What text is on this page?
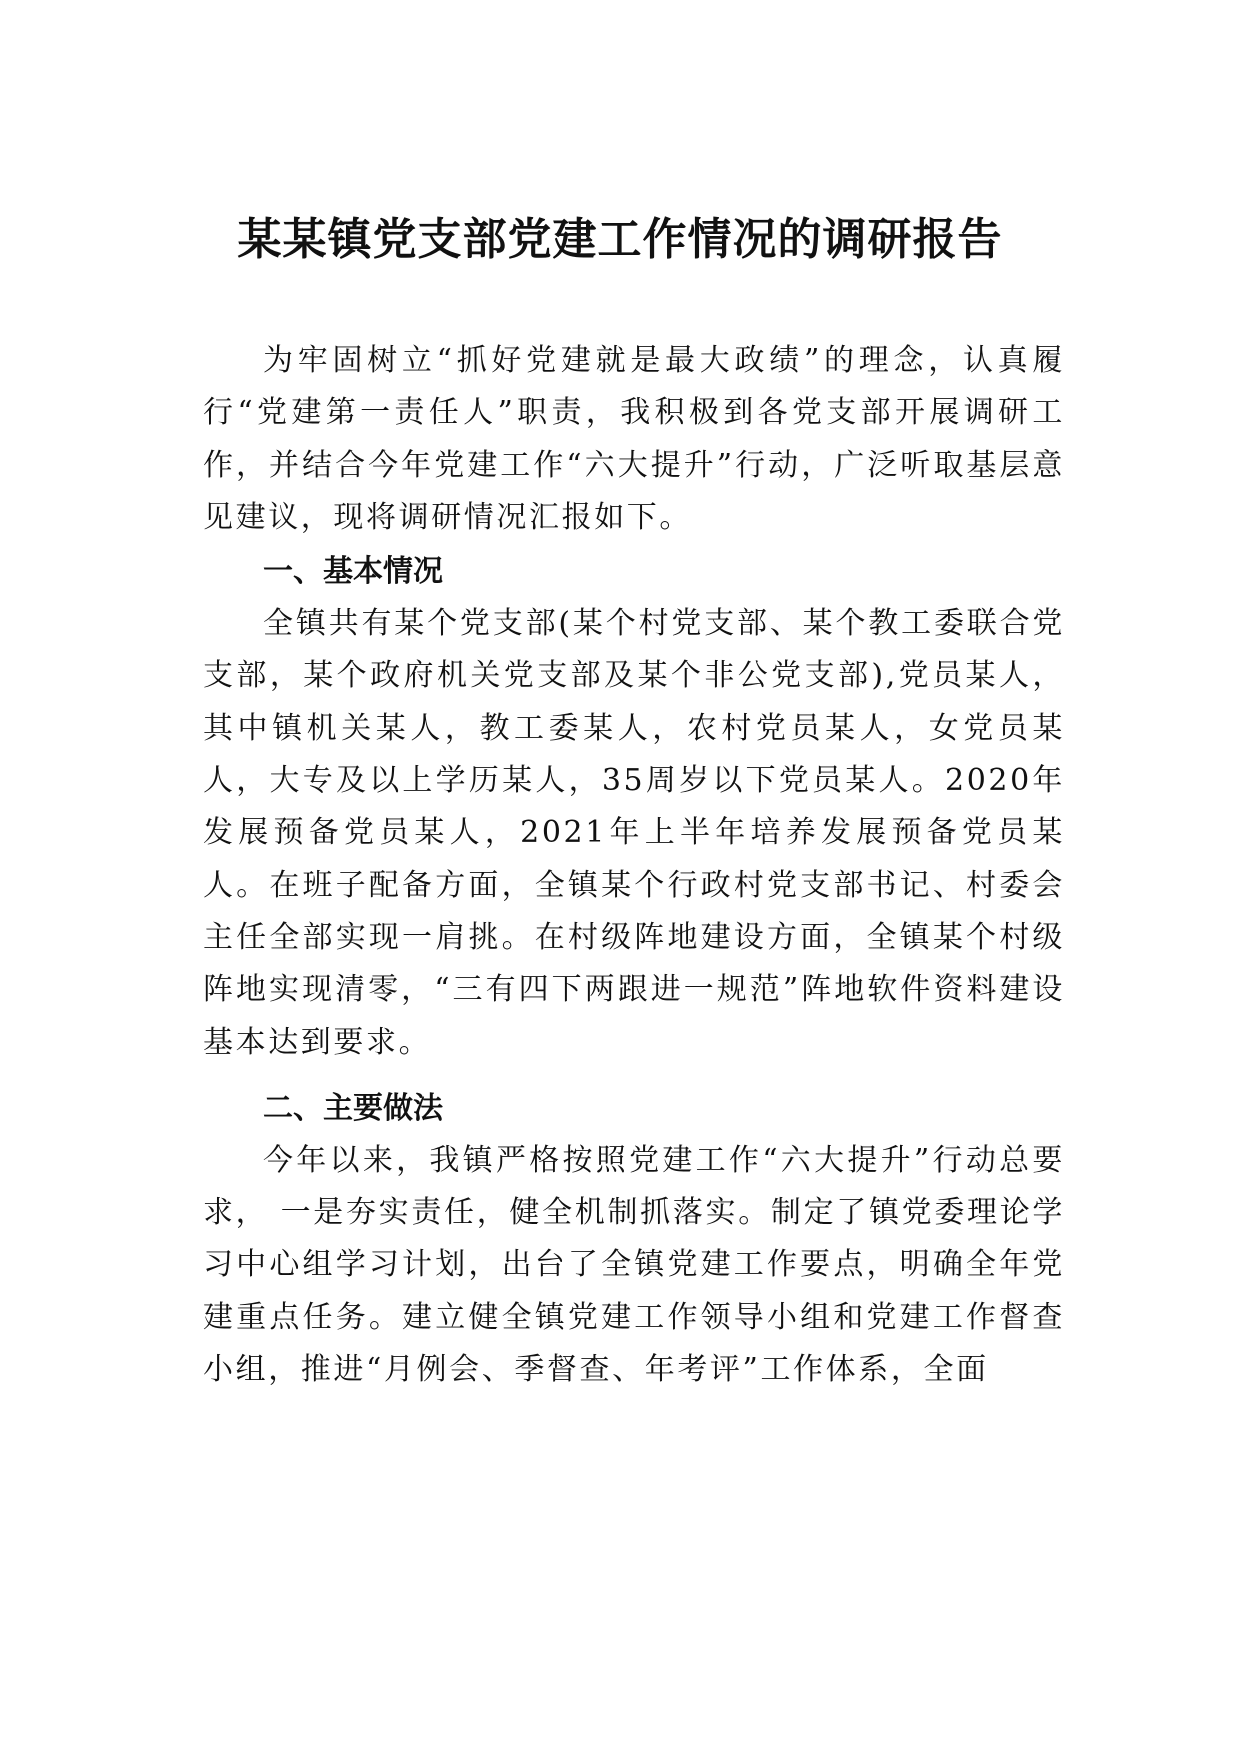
某某镇党支部党建工作情况的调研报告

为牢固树立“抓好党建就是最大政绩”的理念，认真履行“党建第一责任人”职责，我积极到各党支部开展调研工作，并结合今年党建工作“六大提升”行动，广泛听取基层意见建议，现将调研情况汇报如下。

一、基本情况

全镇共有某个党支部(某个村党支部、某个教工委联合党支部，某个政府机关党支部及某个非公党支部),党员某人，其中镇机关某人，教工委某人，农村党员某人，女党员某人，大专及以上学历某人，35周岁以下党员某人。2020年发展预备党员某人，2021年上半年培养发展预备党员某人。在班子配备方面，全镇某个行政村党支部书记、村委会主任全部实现一肩挑。在村级阵地建设方面，全镇某个村级阵地实现清零，“三有四下两跟进一规范”阵地软件资料建设基本达到要求。

二、主要做法

今年以来，我镇严格按照党建工作“六大提升”行动总要求， 一是夯实责任，健全机制抓落实。制定了镇党委理论学习中心组学习计划，出台了全镇党建工作要点，明确全年党建重点任务。建立健全镇党建工作领导小组和党建工作督查小组，推进“月例会、季督查、年考评”工作体系，全面
